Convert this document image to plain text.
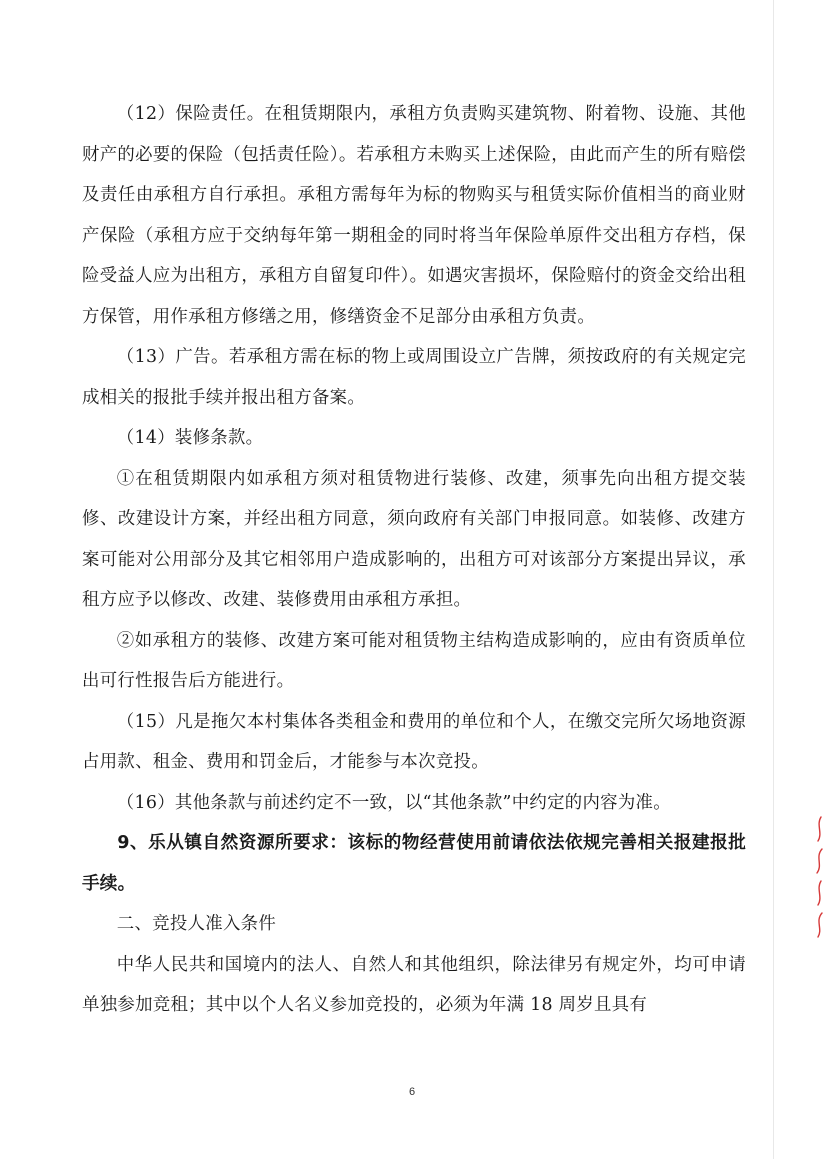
（12）保险责任。在租赁期限内，承租方负责购买建筑物、附着物、设施、其他财产的必要的保险（包括责任险）。若承租方未购买上述保险，由此而产生的所有赔偿及责任由承租方自行承担。承租方需每年为标的物购买与租赁实际价值相当的商业财产保险（承租方应于交纳每年第一期租金的同时将当年保险单原件交出租方存档，保险受益人应为出租方，承租方自留复印件）。如遇灾害损坏，保险赔付的资金交给出租方保管，用作承租方修缮之用，修缮资金不足部分由承租方负责。

（13）广告。若承租方需在标的物上或周围设立广告牌，须按政府的有关规定完成相关的报批手续并报出租方备案。

（14）装修条款。

①在租赁期限内如承租方须对租赁物进行装修、改建，须事先向出租方提交装修、改建设计方案，并经出租方同意，须向政府有关部门申报同意。如装修、改建方案可能对公用部分及其它相邻用户造成影响的，出租方可对该部分方案提出异议，承租方应予以修改、改建、装修费用由承租方承担。

②如承租方的装修、改建方案可能对租赁物主结构造成影响的，应由有资质单位出可行性报告后方能进行。

（15）凡是拖欠本村集体各类租金和费用的单位和个人，在缴交完所欠场地资源占用款、租金、费用和罚金后，才能参与本次竞投。

（16）其他条款与前述约定不一致，以“其他条款”中约定的内容为准。

9、乐从镇自然资源所要求：该标的物经营使用前请依法依规完善相关报建报批手续。

二、竞投人准入条件

中华人民共和国境内的法人、自然人和其他组织，除法律另有规定外，均可申请单独参加竞租；其中以个人名义参加竞投的，必须为年满 18 周岁且具有

6
